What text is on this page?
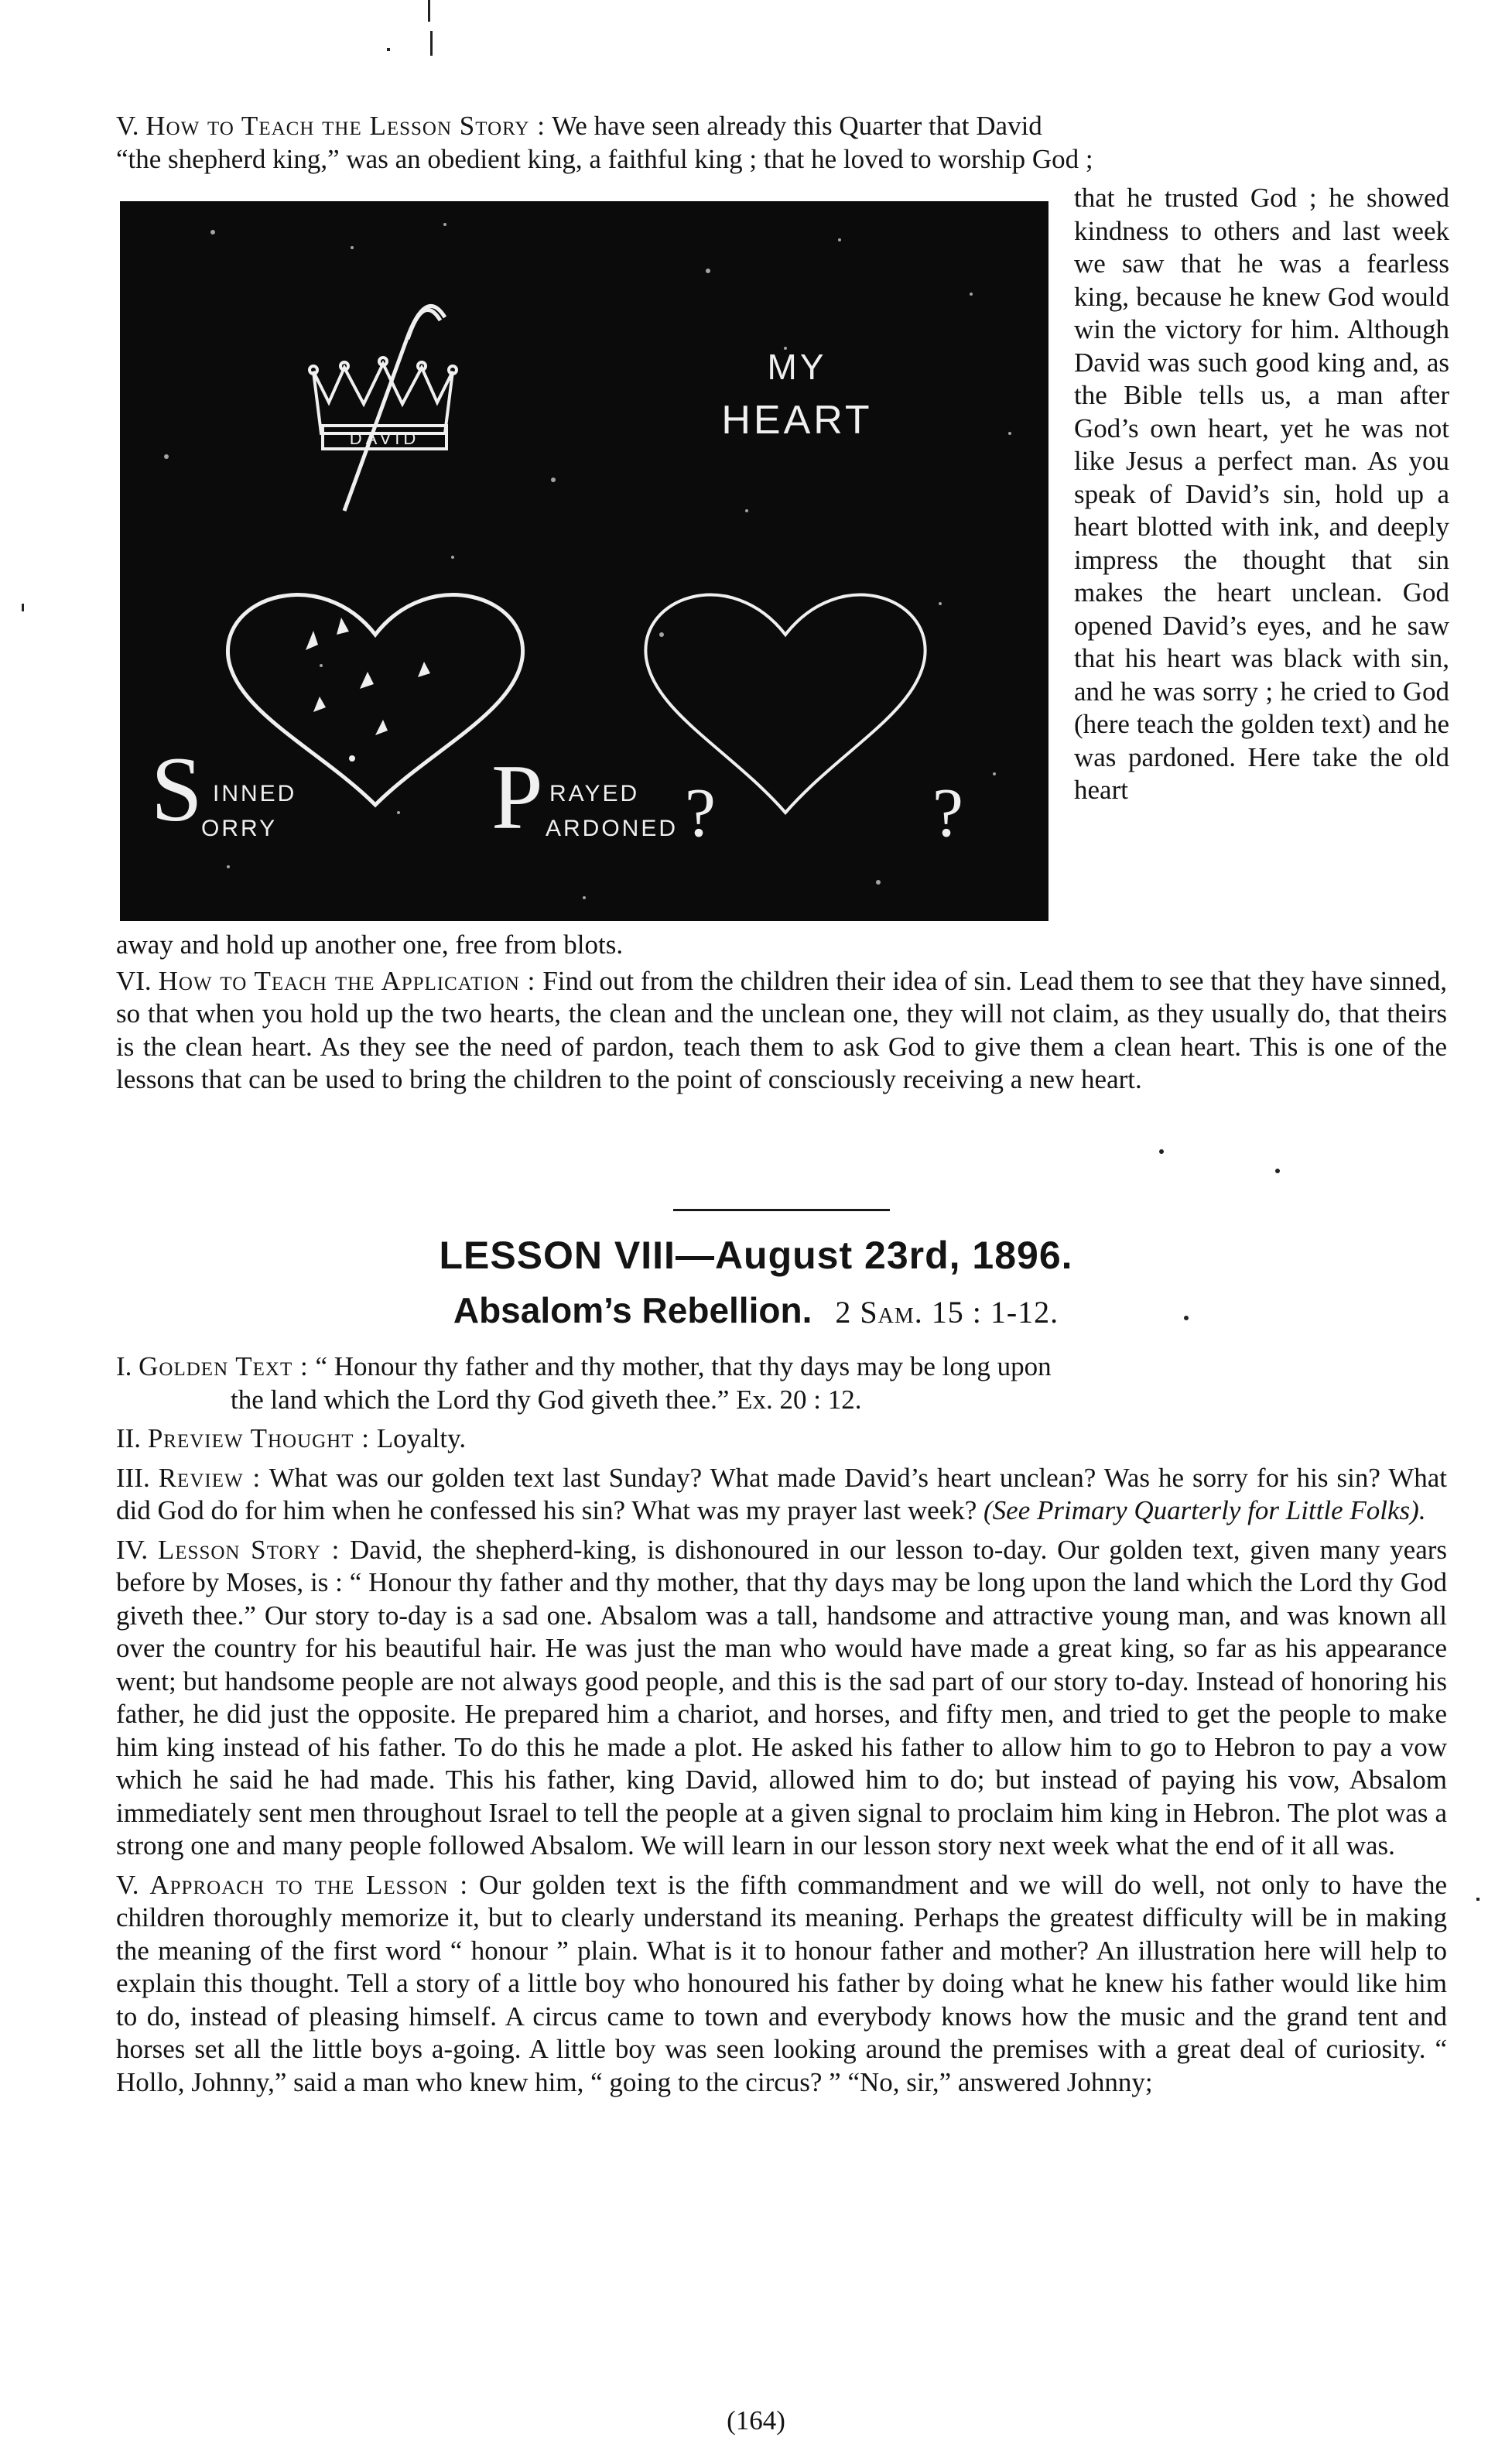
V. How to Teach the Lesson Story : We have seen already this Quarter that David

“the shepherd king,” was an obedient king, a faithful king ; that he loved to worship God ;

DAVID
MY
HEART
S INNED
ORRY P RAYED
ARDONED ?	?

that he trusted God ; he showed kindness to others and last week we saw that he was a fearless king, because he knew God would win the victory for him. Although David was such good king and, as the Bible tells us, a man after God’s own heart, yet he was not like Jesus a perfect man. As you speak of David’s sin, hold up a heart blotted with ink, and deeply impress the thought that sin makes the heart unclean. God opened David’s eyes, and he saw that his heart was black with sin, and he was sorry ; he cried to God (here teach the golden text) and he was pardoned. Here take the old heart

away and hold up another one, free from blots.

VI. How to Teach the Application : Find out from the children their idea of sin. Lead them to see that they have sinned, so that when you hold up the two hearts, the clean and the unclean one, they will not claim, as they usually do, that theirs is the clean heart. As they see the need of pardon, teach them to ask God to give them a clean heart. This is one of the lessons that can be used to bring the children to the point of consciously receiving a new heart.

LESSON VIII—August 23rd, 1896.
Absalom’s Rebellion. 2 Sam. 15 : 1-12.

I. Golden Text : “ Honour thy father and thy mother, that thy days may be long upon
the land which the Lord thy God giveth thee.” Ex. 20 : 12.

II. Preview Thought : Loyalty.

III. Review : What was our golden text last Sunday? What made David’s heart unclean? Was he sorry for his sin? What did God do for him when he confessed his sin? What was my prayer last week? (See Primary Quarterly for Little Folks).

IV. Lesson Story : David, the shepherd-king, is dishonoured in our lesson to-day. Our golden text, given many years before by Moses, is : “ Honour thy father and thy mother, that thy days may be long upon the land which the Lord thy God giveth thee.” Our story to-day is a sad one. Absalom was a tall, handsome and attractive young man, and was known all over the country for his beautiful hair. He was just the man who would have made a great king, so far as his appearance went; but handsome people are not always good people, and this is the sad part of our story to-day. Instead of honoring his father, he did just the opposite. He prepared him a chariot, and horses, and fifty men, and tried to get the people to make him king instead of his father. To do this he made a plot. He asked his father to allow him to go to Hebron to pay a vow which he said he had made. This his father, king David, allowed him to do; but instead of paying his vow, Absalom immediately sent men throughout Israel to tell the people at a given signal to proclaim him king in Hebron. The plot was a strong one and many people followed Absalom. We will learn in our lesson story next week what the end of it all was.

V. Approach to the Lesson : Our golden text is the fifth commandment and we will do well, not only to have the children thoroughly memorize it, but to clearly understand its meaning. Perhaps the greatest difficulty will be in making the meaning of the first word “ honour ” plain. What is it to honour father and mother? An illustration here will help to explain this thought. Tell a story of a little boy who honoured his father by doing what he knew his father would like him to do, instead of pleasing himself. A circus came to town and everybody knows how the music and the grand tent and horses set all the little boys a-going. A little boy was seen looking around the premises with a great deal of curiosity. “ Hollo, Johnny,” said a man who knew him, “ going to the circus? ” “No, sir,” answered Johnny;

(164)
